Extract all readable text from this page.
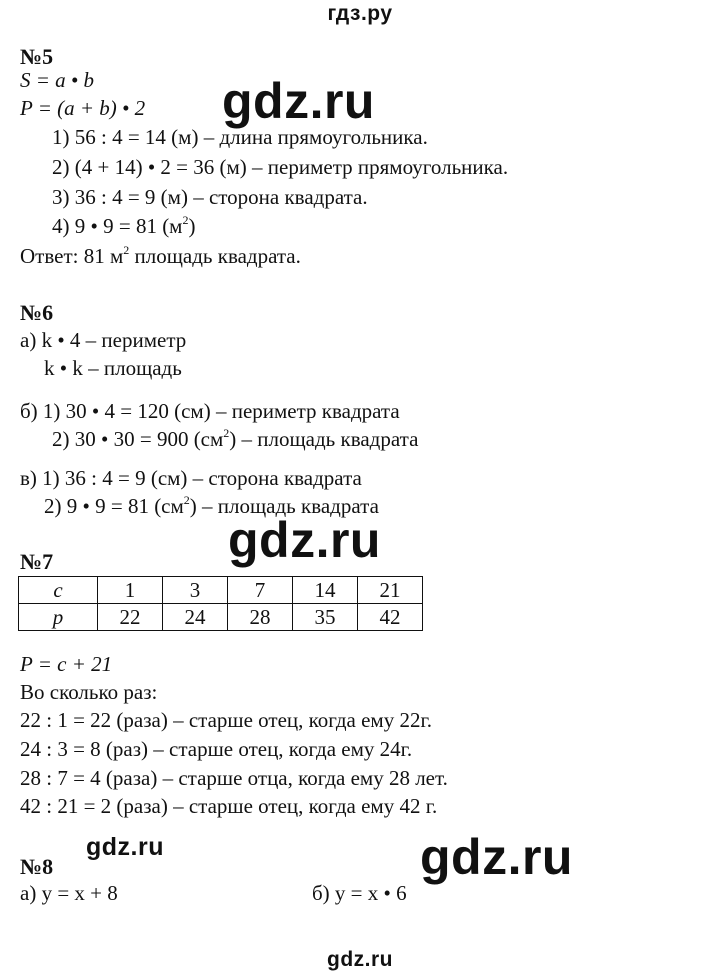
гдз.ру
№5
S = a • b
P = (a + b) • 2 gdz.ru
1) 56 : 4 = 14 (м) – длина прямоугольника.
2) (4 + 14) • 2 = 36 (м) – периметр прямоугольника.
3) 36 : 4 = 9 (м) – сторона квадрата.
4) 9 • 9 = 81 $(м^2)$
Ответ: 81 $м^2$ площадь квадрата.
№6
а) k • 4 – периметр
k • k – площадь
б) 1) 30 • 4 = 120 (см) – периметр квадрата
2) 30 • 30 = 900 $(см^2)$ – площадь квадрата
в) 1) 36 : 4 = 9 (см) – сторона квадрата
2) 9 • 9 = 81 $(см^2)$ – площадь квадрата
gdz.ru
№7
c	1	3	7	14	21
p	22	24	28	35	42
P = c + 21
Во сколько раз:
22 : 1 = 22 (раза) – старше отец, когда ему 22г.
24 : 3 = 8 (раз) – старше отец, когда ему 24г.
28 : 7 = 4 (раза) – старше отца, когда ему 28 лет.
42 : 21 = 2 (раза) – старше отец, когда ему 42 г.
№8
gdz.ru	gdz.ru
а) y = x + 8	б) y = x • 6
gdz.ru
